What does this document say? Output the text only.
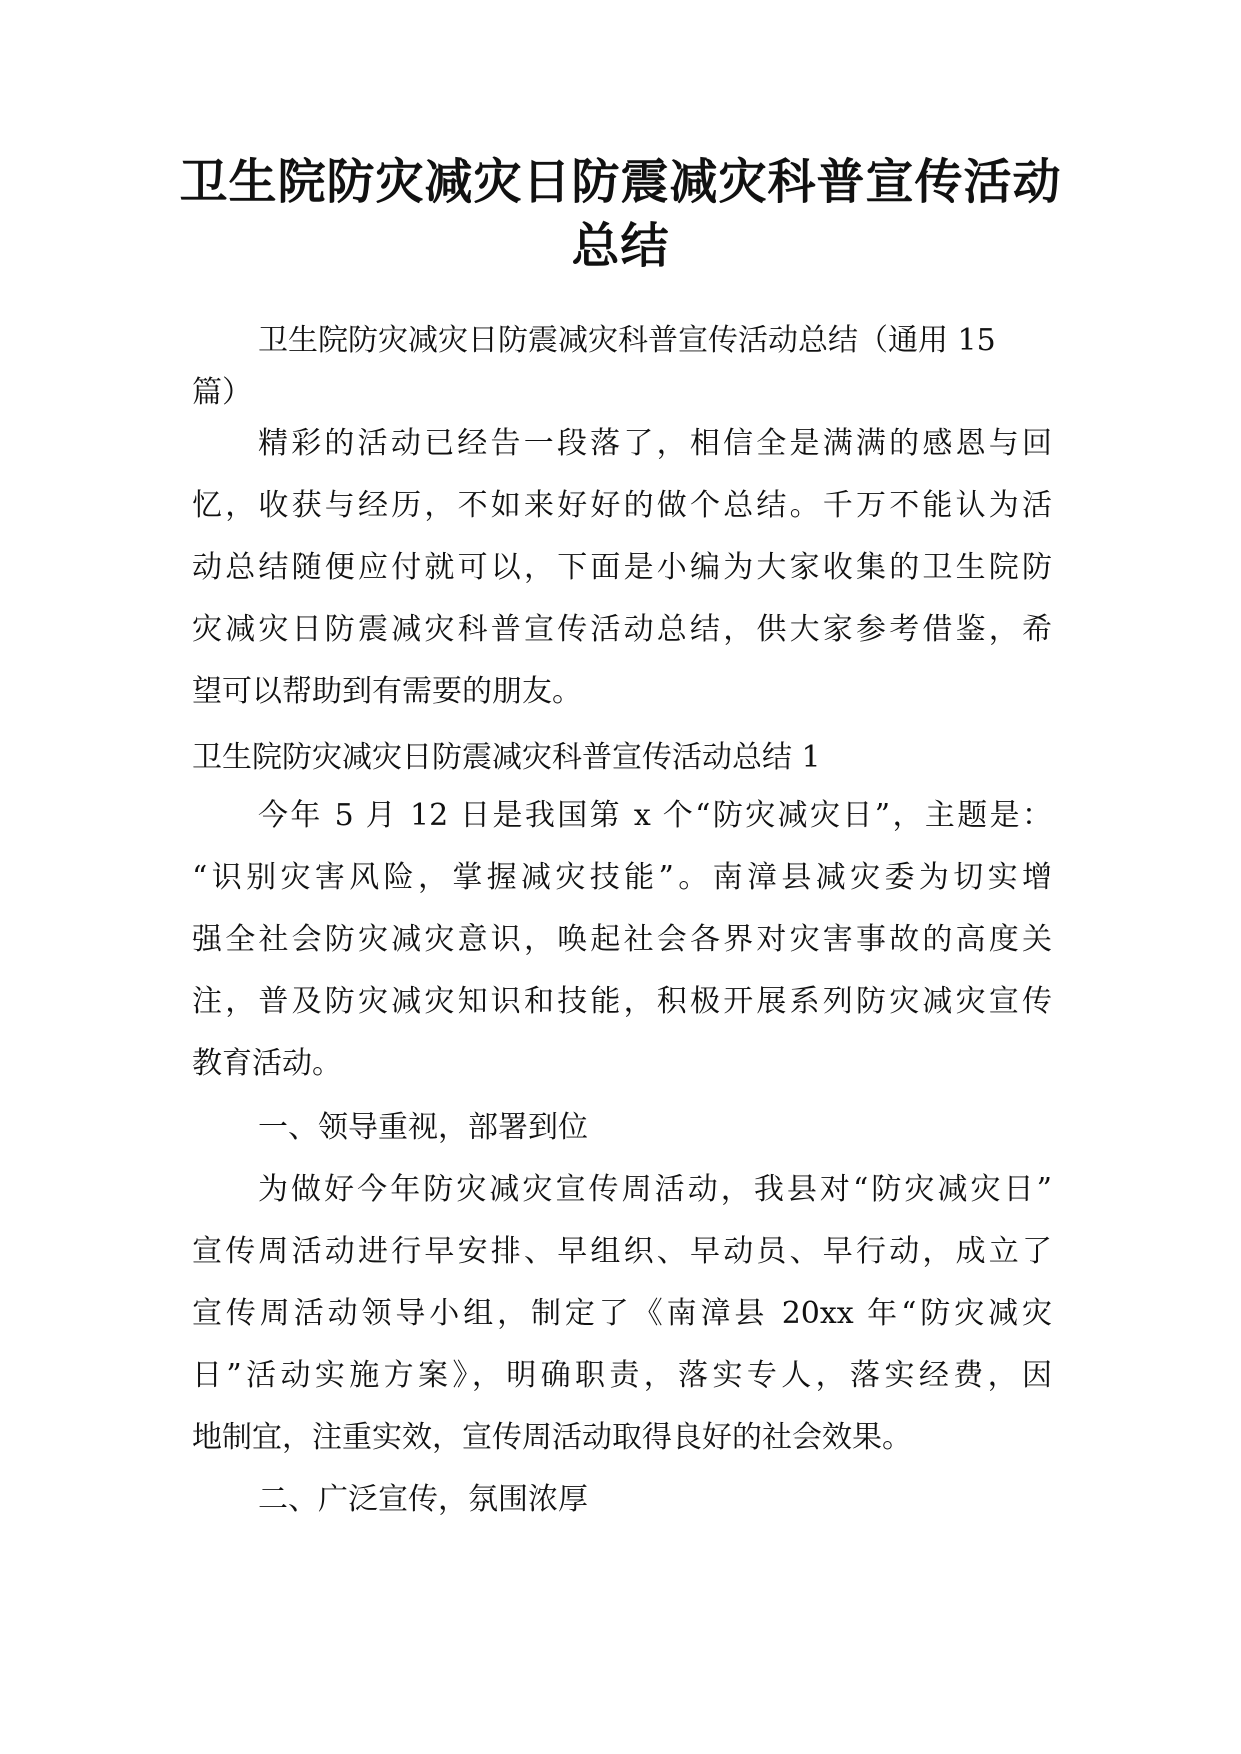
卫生院防灾减灾日防震减灾科普宣传活动
总结

卫生院防灾减灾日防震减灾科普宣传活动总结（通用 15

篇）

精彩的活动已经告一段落了，相信全是满满的感恩与回
忆，收获与经历，不如来好好的做个总结。千万不能认为活
动总结随便应付就可以，下面是小编为大家收集的卫生院防
灾减灾日防震减灾科普宣传活动总结，供大家参考借鉴，希
望可以帮助到有需要的朋友。

卫生院防灾减灾日防震减灾科普宣传活动总结 1

今年 5 月 12 日是我国第 x 个“防灾减灾日”，主题是：
“识别灾害风险，掌握减灾技能”。南漳县减灾委为切实增
强全社会防灾减灾意识，唤起社会各界对灾害事故的高度关
注，普及防灾减灾知识和技能，积极开展系列防灾减灾宣传
教育活动。

一、领导重视，部署到位

为做好今年防灾减灾宣传周活动，我县对“防灾减灾日”
宣传周活动进行早安排、早组织、早动员、早行动，成立了
宣传周活动领导小组，制定了《南漳县 20xx 年“防灾减灾
日”活动实施方案》，明确职责，落实专人，落实经费，因
地制宜，注重实效，宣传周活动取得良好的社会效果。

二、广泛宣传，氛围浓厚
